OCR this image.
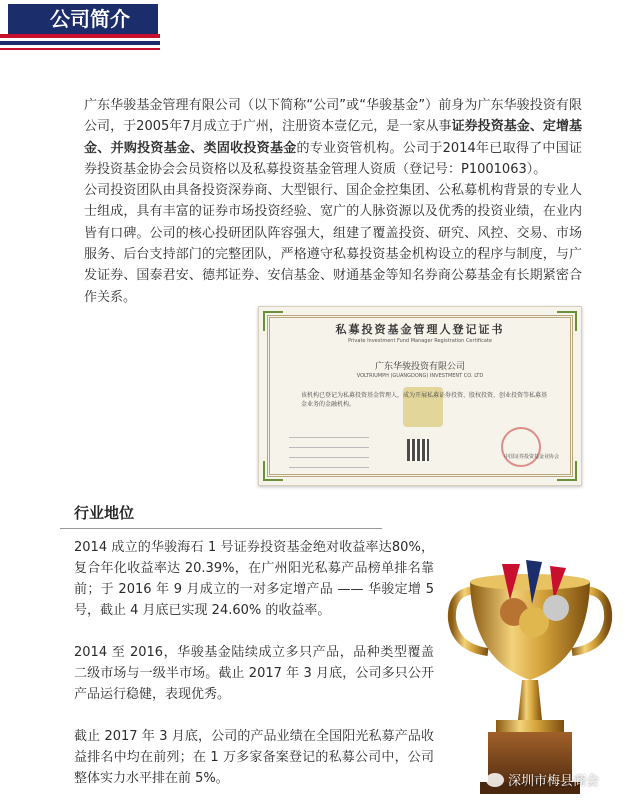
公司简介

广东华骏基金管理有限公司（以下简称“公司”或“华骏基金”）前身为广东华骏投资有限公司，于2005年7月成立于广州，注册资本壹亿元，是一家从事证券投资基金、定增基金、并购投资基金、类固收投资基金的专业资管机构。公司于2014年已取得了中国证券投资基金协会会员资格以及私募投资基金管理人资质（登记号：P1001063）。

公司投资团队由具备投资深券商、大型银行、国企金控集团、公私募机构背景的专业人士组成，具有丰富的证券市场投资经验、宽广的人脉资源以及优秀的投资业绩，在业内皆有口碑。公司的核心投研团队阵容强大，组建了覆盖投资、研究、风控、交易、市场服务、后台支持部门的完整团队，严格遵守私募投资基金机构设立的程序与制度，与广发证券、国泰君安、德邦证券、安信基金、财通基金等知名券商公募基金有长期紧密合作关系。

私募投资基金管理人登记证书
Private Investment Fund Manager Registration Certificate
广东华骏投资有限公司
VOLTRIUMPH (GUANGDONG) INVESTMENT CO. LTD
该机构已登记为私募投资基金管理人，成为开展私募证券投资、股权投资、创业投资等私募基金业务的金融机构。
中国证券投资基金业协会
行业地位

2014 成立的华骏海石 1 号证券投资基金绝对收益率达80%，复合年化收益率达 20.39%，在广州阳光私募产品榜单排名靠前；于 2016 年 9 月成立的一对多定增产品 —— 华骏定增 5 号，截止 4 月底已实现 24.60% 的收益率。

2014 至 2016，华骏基金陆续成立多只产品，品种类型覆盖二级市场与一级半市场。截止 2017 年 3 月底，公司多只公开产品运行稳健，表现优秀。

截止 2017 年 3 月底，公司的产品业绩在全国阳光私募产品收益排名中均在前列；在 1 万多家备案登记的私募公司中，公司整体实力水平排在前 5%。	深圳市梅县商会
